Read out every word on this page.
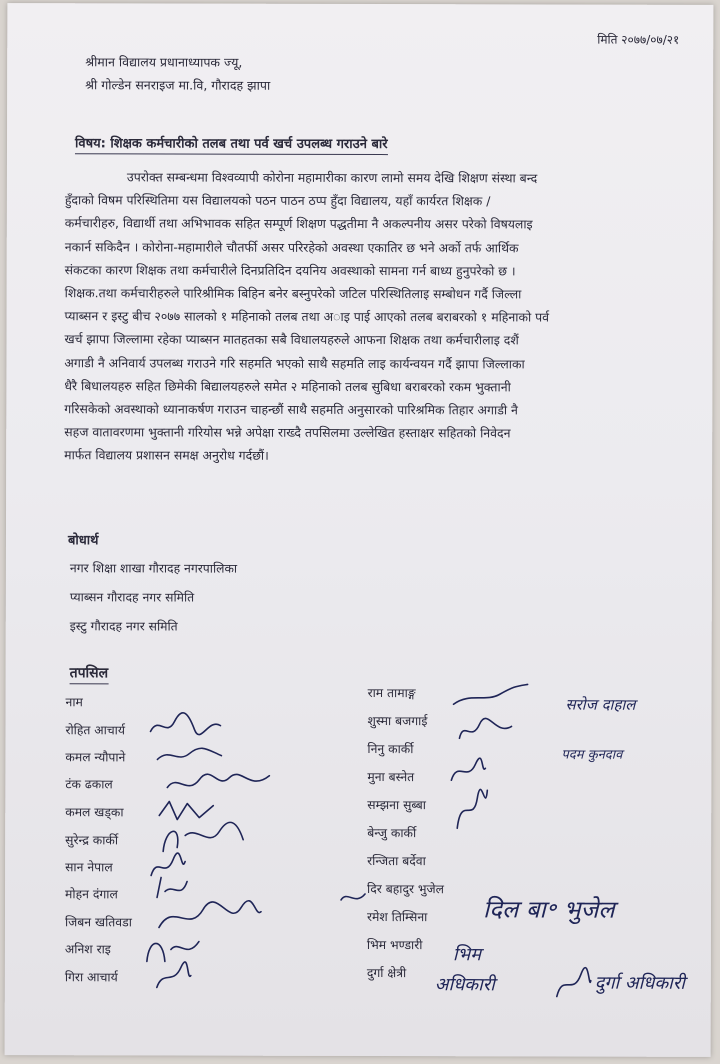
मिति २०७७/०७/२१
श्रीमान विद्यालय प्रधानाध्यापक ज्यू,
श्री गोल्डेन सनराइज मा.वि, गौरादह झापा
विषय: शिक्षक कर्मचारीको तलब तथा पर्व खर्च उपलब्ध गराउने बारे
उपरोक्त सम्बन्धमा विश्वव्यापी कोरोना महामारीका कारण लामो समय देखि शिक्षण संस्था बन्द
हुँदाको विषम परिस्थितिमा यस विद्यालयको पठन पाठन ठप्प हुँदा विद्यालय, यहाँ कार्यरत शिक्षक /
कर्मचारीहरु, विद्यार्थी तथा अभिभावक सहित सम्पूर्ण शिक्षण पद्धतीमा नै अकल्पनीय असर परेको विषयलाइ
नकार्न सकिदैन । कोरोना-महामारीले चौतर्फी असर परिरहेको अवस्था एकातिर छ भने अर्को तर्फ आर्थिक
संकटका कारण शिक्षक तथा कर्मचारीले दिनप्रतिदिन दयनिय अवस्थाको सामना गर्न बाध्य हुनुपरेको छ ।
शिक्षक.तथा कर्मचारीहरुले पारिश्रीमिक बिहिन बनेर बस्नुपरेको जटिल परिस्थितिलाइ सम्बोधन गर्दै जिल्ला
प्याब्सन र इस्टु बीच २०७७ सालको १ महिनाको तलब तथा अाइ पाई आएको तलब बराबरको १ महिनाको पर्व
खर्च झापा जिल्लामा रहेका प्याब्सन मातहतका सबै विधालयहरुले आफना शिक्षक तथा कर्मचारीलाइ दशैं
अगाडी नै अनिवार्य उपलब्ध गराउने गरि सहमति भएको साथै सहमति लाइ कार्यन्वयन गर्दै झापा जिल्लाका
धैरै बिधालयहरु सहित छिमेकी बिद्यालयहरुले समेत २ महिनाको तलब सुबिधा बराबरको रकम भुक्तानी
गरिसकेको अवस्थाको ध्यानाकर्षण गराउन चाहन्छौं साथै सहमति अनुसारको पारिश्रमिक तिहार अगाडी नै
सहज वातावरणमा भुक्तानी गरियोस भन्ने अपेक्षा राख्दै तपसिलमा उल्लेखित हस्ताक्षर सहितको निवेदन
मार्फत विद्यालय प्रशासन समक्ष अनुरोध गर्दछौं।
बोधार्थ
नगर शिक्षा शाखा गौरादह नगरपालिका
प्याब्सन गौरादह नगर समिति
इस्टु गौरादह नगर समिति
तपसिल
नाम
रोहित आचार्य
कमल न्यौपाने
टंक ढकाल
कमल खड्का
सुरेन्द्र कार्की
सान नेपाल
मोहन दंगाल
जिबन खतिवडा
अनिश राइ
गिरा आचार्य
राम तामाङ्ग
शुस्मा बजगाई
निनु कार्की
मुना बस्नेत
सम्झना सुब्बा
बेन्जु कार्की
रन्जिता बर्देवा
दिर बहादुर भुजेल
रमेश तिम्सिना
भिम भण्डारी
दुर्गा क्षेत्री
सरोज दाहाल
पदम कुनदाव
दिल बा॰ भुजेल
भिम
अधिकारी	दुर्गा अधिकारी
